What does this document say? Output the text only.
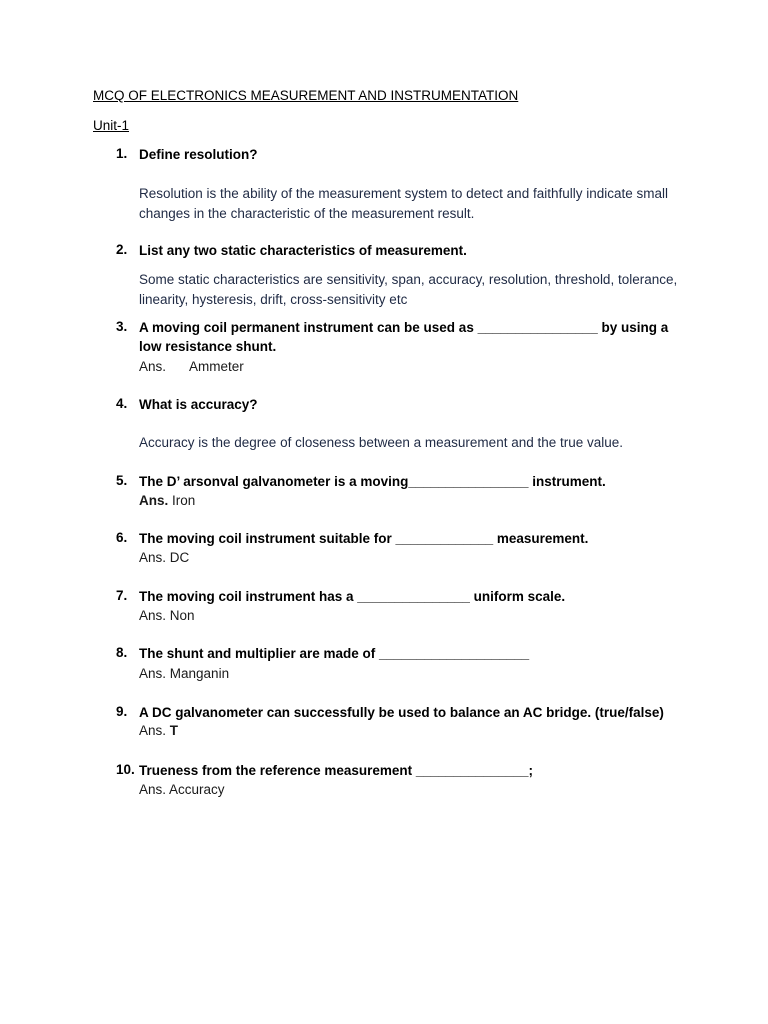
MCQ OF ELECTRONICS MEASUREMENT AND INSTRUMENTATION
Unit-1
1. Define resolution?
Resolution is the ability of the measurement system to detect and faithfully indicate small changes in the characteristic of the measurement result.
2. List any two static characteristics of measurement.
Some static characteristics are sensitivity, span, accuracy, resolution, threshold, tolerance, linearity, hysteresis, drift, cross-sensitivity etc
3. A moving coil permanent instrument can be used as ________________ by using a low resistance shunt.
Ans. Ammeter
4. What is accuracy?
Accuracy is the degree of closeness between a measurement and the true value.
5. The D’ arsonval galvanometer is a moving________________ instrument.
Ans. Iron
6. The moving coil instrument suitable for _____________ measurement.
Ans. DC
7. The moving coil instrument has a _______________ uniform scale.
Ans. Non
8. The shunt and multiplier are made of ____________________
Ans. Manganin
9. A DC galvanometer can successfully be used to balance an AC bridge. (true/false)
Ans. T
10. Trueness from the reference measurement _______________;
Ans. Accuracy
